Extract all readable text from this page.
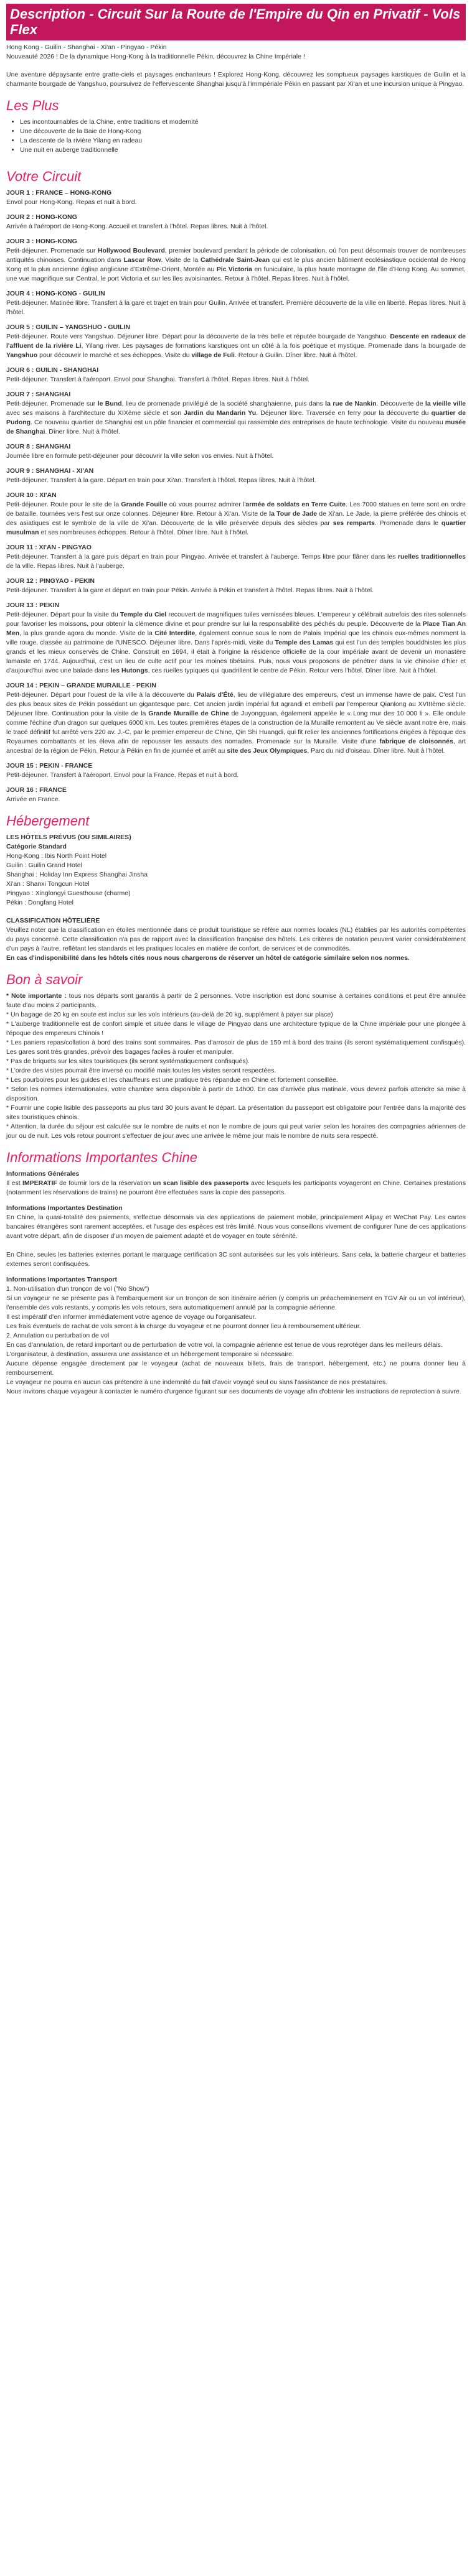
Description - Circuit Sur la Route de l'Empire du Qin en Privatif - Vols Flex

Hong Kong - Guilin - Shanghai - Xi'an - Pingyao - Pékin

Nouveauté 2026 ! De la dynamique Hong-Kong à la traditionnelle Pékin, découvrez la Chine Impériale !

Une aventure dépaysante entre gratte-ciels et paysages enchanteurs ! Explorez Hong-Kong, découvrez les somptueux paysages karstiques de Guilin et la charmante bourgade de Yangshuo, poursuivez de l'effervescente Shanghai jusqu'à l'immpériale Pékin en passant par Xi'an et une incursion unique à Pingyao.

Les Plus
• Les incontournables de la Chine, entre traditions et modernité
• Une découverte de la Baie de Hong-Kong
• La descente de la rivière Yilang en radeau
• Une nuit en auberge traditionnelle
Votre Circuit
JOUR 1 : FRANCE – HONG-KONG
Envol pour Hong-Kong. Repas et nuit à bord.
JOUR 2 : HONG-KONG
Arrivée à l'aéroport de Hong-Kong. Accueil et transfert à l'hôtel. Repas libres. Nuit à l'hôtel.
JOUR 3 : HONG-KONG
Petit-déjeuner. Promenade sur Hollywood Boulevard, premier boulevard pendant la période de colonisation, où l'on peut désormais trouver de nombreuses antiquités chinoises. Continuation dans Lascar Row. Visite de la Cathédrale Saint-Jean qui est le plus ancien bâtiment ecclésiastique occidental de Hong Kong et la plus ancienne église anglicane d'Extrême-Orient. Montée au Pic Victoria en funiculaire, la plus haute montagne de l'île d'Hong Kong. Au sommet, une vue magnifique sur Central, le port Victoria et sur les îles avoisinantes. Retour à l'hôtel. Repas libres. Nuit à l'hôtel.
JOUR 4 : HONG-KONG - GUILIN
Petit-déjeuner. Matinée libre. Transfert à la gare et trajet en train pour Guilin. Arrivée et transfert. Première découverte de la ville en liberté. Repas libres. Nuit à l'hôtel.
JOUR 5 : GUILIN – YANGSHUO - GUILIN
Petit-déjeuner. Route vers Yangshuo. Déjeuner libre. Départ pour la découverte de la très belle et réputée bourgade de Yangshuo. Descente en radeaux de l'affluent de la rivière Li, Yilang river. Les paysages de formations karstiques ont un côté à la fois poétique et mystique. Promenade dans la bourgade de Yangshuo pour découvrir le marché et ses échoppes. Visite du village de Fuli. Retour à Guilin. Dîner libre. Nuit à l'hôtel.
JOUR 6 : GUILIN - SHANGHAI
Petit-déjeuner. Transfert à l'aéroport. Envol pour Shanghai. Transfert à l'hôtel. Repas libres. Nuit à l'hôtel.
JOUR 7 : SHANGHAI
Petit-déjeuner. Promenade sur le Bund, lieu de promenade privilégié de la société shanghaienne, puis dans la rue de Nankin. Découverte de la vieille ville avec ses maisons à l'architecture du XIXème siècle et son Jardin du Mandarin Yu. Déjeuner libre. Traversée en ferry pour la découverte du quartier de Pudong. Ce nouveau quartier de Shanghai est un pôle financier et commercial qui rassemble des entreprises de haute technologie. Visite du nouveau musée de Shanghai. Dîner libre. Nuit à l'hôtel.
JOUR 8 : SHANGHAI
Journée libre en formule petit-déjeuner pour découvrir la ville selon vos envies. Nuit à l'hôtel.
JOUR 9 : SHANGHAI - XI'AN
Petit-déjeuner. Transfert à la gare. Départ en train pour Xi'an. Transfert à l'hôtel. Repas libres. Nuit à l'hôtel.
JOUR 10 : XI'AN
Petit-déjeuner. Route pour le site de la Grande Fouille où vous pourrez admirer l'armée de soldats en Terre Cuite. Les 7000 statues en terre sont en ordre de bataille, tournées vers l'est sur onze colonnes. Déjeuner libre. Retour à Xi'an. Visite de la Tour de Jade de Xi'an. Le Jade, la pierre préférée des chinois et des asiatiques est le symbole de la ville de Xi'an. Découverte de la ville préservée depuis des siècles par ses remparts. Promenade dans le quartier musulman et ses nombreuses échoppes. Retour à l'hôtel. Dîner libre. Nuit à l'hôtel.
JOUR 11 : XI'AN - PINGYAO
Petit-déjeuner. Transfert à la gare puis départ en train pour Pingyao. Arrivée et transfert à l'auberge. Temps libre pour flâner dans les ruelles traditionnelles de la ville. Repas libres. Nuit à l'auberge.
JOUR 12 : PINGYAO - PEKIN
Petit-déjeuner. Transfert à la gare et départ en train pour Pékin. Arrivée à Pékin et transfert à l'hôtel. Repas libres. Nuit à l'hôtel.
JOUR 13 : PEKIN
Petit-déjeuner. Départ pour la visite du Temple du Ciel recouvert de magnifiques tuiles vernissées bleues. L'empereur y célébrait autrefois des rites solennels pour favoriser les moissons, pour obtenir la clémence divine et pour prendre sur lui la responsabilité des péchés du peuple. Découverte de la Place Tian An Men, la plus grande agora du monde. Visite de la Cité Interdite, également connue sous le nom de Palais Impérial que les chinois eux-mêmes nomment la ville rouge, classée au patrimoine de l'UNESCO. Déjeuner libre. Dans l'après-midi, visite du Temple des Lamas qui est l'un des temples bouddhistes les plus grands et les mieux conservés de Chine. Construit en 1694, il était à l'origine la résidence officielle de la cour impériale avant de devenir un monastère lamaïste en 1744. Aujourd'hui, c'est un lieu de culte actif pour les moines tibétains. Puis, nous vous proposons de pénétrer dans la vie chinoise d'hier et d'aujourd'hui avec une balade dans les Hutongs, ces ruelles typiques qui quadrillent le centre de Pékin. Retour vers l'hôtel. Dîner libre. Nuit à l'hôtel.
JOUR 14 : PEKIN – GRANDE MURAILLE - PEKIN
Petit-déjeuner. Départ pour l'ouest de la ville à la découverte du Palais d'Été, lieu de villégiature des empereurs, c'est un immense havre de paix. C'est l'un des plus beaux sites de Pékin possédant un gigantesque parc. Cet ancien jardin impérial fut agrandi et embelli par l'empereur Qianlong au XVIIIème siècle. Déjeuner libre. Continuation pour la visite de la Grande Muraille de Chine de Juyongguan, également appelée le « Long mur des 10 000 li ». Elle ondule comme l'échine d'un dragon sur quelques 6000 km. Les toutes premières étapes de la construction de la Muraille remontent au Ve siècle avant notre ère, mais le tracé définitif fut arrêté vers 220 av. J.-C. par le premier empereur de Chine, Qin Shi Huangdi, qui fit relier les anciennes fortifications érigées à l'époque des Royaumes combattants et les éleva afin de repousser les assauts des nomades. Promenade sur la Muraille. Visite d'une fabrique de cloisonnés, art ancestral de la région de Pékin. Retour à Pékin en fin de journée et arrêt au site des Jeux Olympiques, Parc du nid d'oiseau. Dîner libre. Nuit à l'hôtel.
JOUR 15 : PEKIN - FRANCE
Petit-déjeuner. Transfert à l'aéroport. Envol pour la France. Repas et nuit à bord.
JOUR 16 : FRANCE
Arrivée en France.
Hébergement

LES HÔTELS PRÉVUS (OU SIMILAIRES)

Catégorie Standard

Hong-Kong : Ibis North Point Hotel

Guilin : Guilin Grand Hotel

Shanghai : Holiday Inn Express Shanghai Jinsha

Xi'an : Shanxi Tongcun Hotel

Pingyao : Xinglongyi Guesthouse (charme)

Pékin : Dongfang Hotel

CLASSIFICATION HÔTELIÈRE

Veuillez noter que la classification en étoiles mentionnée dans ce produit touristique se réfère aux normes locales (NL) établies par les autorités compétentes du pays concerné. Cette classification n'a pas de rapport avec la classification française des hôtels. Les critères de notation peuvent varier considérablement d'un pays à l'autre, reflétant les standards et les pratiques locales en matière de confort, de services et de commodités.

En cas d'indisponibilité dans les hôtels cités nous nous chargerons de réserver un hôtel de catégorie similaire selon nos normes.

Bon à savoir

* Note importante : tous nos départs sont garantis à partir de 2 personnes. Votre inscription est donc soumise à certaines conditions et peut être annulée faute d'au moins 2 participants.

* Un bagage de 20 kg en soute est inclus sur les vols intérieurs (au-delà de 20 kg, supplément à payer sur place)

* L'auberge traditionnelle est de confort simple et située dans le village de Pingyao dans une architecture typique de la Chine impériale pour une plongée à l'époque des empereurs Chinois !

* Les paniers repas/collation à bord des trains sont sommaires. Pas d'arrosoir de plus de 150 ml à bord des trains (ils seront systématiquement confisqués). Les gares sont très grandes, prévoir des bagages faciles à rouler et manipuler.

* Pas de briquets sur les sites touristiques (ils seront systématiquement confisqués).

* L'ordre des visites pourrait être inversé ou modifié mais toutes les visites seront respectées.

* Les pourboires pour les guides et les chauffeurs est une pratique très répandue en Chine et fortement conseillée.

* Selon les normes internationales, votre chambre sera disponible à partir de 14h00. En cas d'arrivée plus matinale, vous devrez parfois attendre sa mise à disposition.

* Fournir une copie lisible des passeports au plus tard 30 jours avant le départ. La présentation du passeport est obligatoire pour l'entrée dans la majorité des sites touristiques chinois.

* Attention, la durée du séjour est calculée sur le nombre de nuits et non le nombre de jours qui peut varier selon les horaires des compagnies aériennes de jour ou de nuit. Les vols retour pourront s'effectuer de jour avec une arrivée le même jour mais le nombre de nuits sera respecté.

Informations Importantes Chine

Informations Générales

Il est IMPERATIF de fournir lors de la réservation un scan lisible des passeports avec lesquels les participants voyageront en Chine. Certaines prestations (notamment les réservations de trains) ne pourront être effectuées sans la copie des passeports.

Informations Importantes Destination

En Chine, la quasi-totalité des paiements, s'effectue désormais via des applications de paiement mobile, principalement Alipay et WeChat Pay. Les cartes bancaires étrangères sont rarement acceptées, et l'usage des espèces est très limité. Nous vous conseillons vivement de configurer l'une de ces applications avant votre départ, afin de disposer d'un moyen de paiement adapté et de voyager en toute sérénité.

En Chine, seules les batteries externes portant le marquage certification 3C sont autorisées sur les vols intérieurs. Sans cela, la batterie chargeur et batteries externes seront confisquées.

Informations Importantes Transport

1. Non-utilisation d'un tronçon de vol ("No Show")
Si un voyageur ne se présente pas à l'embarquement sur un tronçon de son itinéraire aérien (y compris un préacheminement en TGV Air ou un vol intérieur), l'ensemble des vols restants, y compris les vols retours, sera automatiquement annulé par la compagnie aérienne.
Il est impératif d'en informer immédiatement votre agence de voyage ou l'organisateur.
Les frais éventuels de rachat de vols seront à la charge du voyageur et ne pourront donner lieu à remboursement ultérieur.
2. Annulation ou perturbation de vol
En cas d'annulation, de retard important ou de perturbation de votre vol, la compagnie aérienne est tenue de vous reprotéger dans les meilleurs délais.
L'organisateur, à destination, assurera une assistance et un hébergement temporaire si nécessaire.
Aucune dépense engagée directement par le voyageur (achat de nouveaux billets, frais de transport, hébergement, etc.) ne pourra donner lieu à remboursement.
Le voyageur ne pourra en aucun cas prétendre à une indemnité du fait d'avoir voyagé seul ou sans l'assistance de nos prestataires.
Nous invitons chaque voyageur à contacter le numéro d'urgence figurant sur ses documents de voyage afin d'obtenir les instructions de reprotection à suivre.
